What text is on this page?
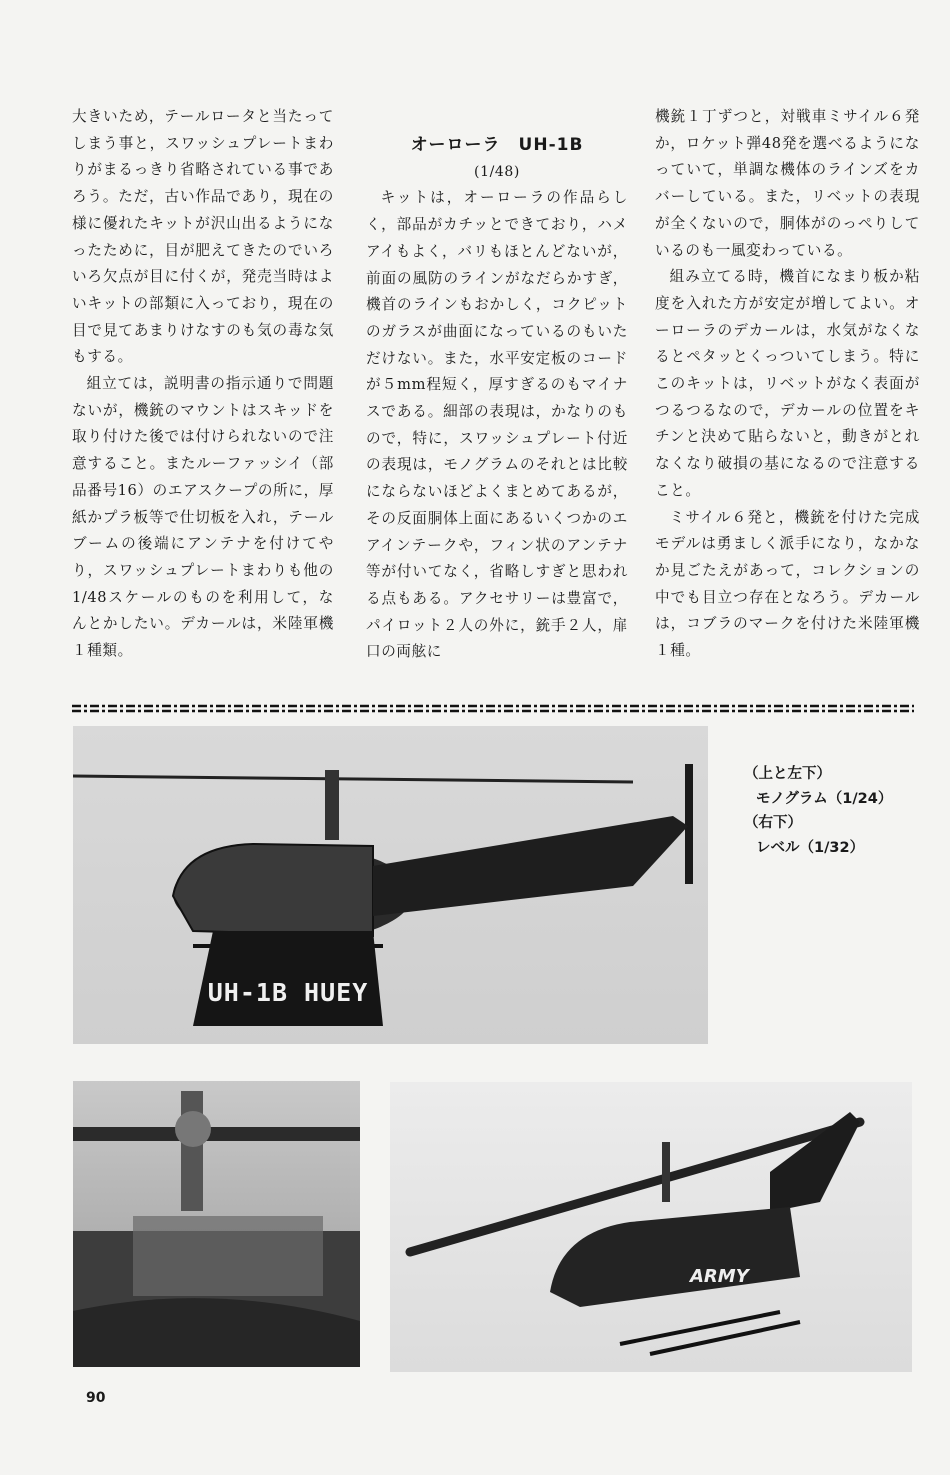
大きいため，テールロータと当たってしまう事と，スワッシュプレートまわりがまるっきり省略されている事であろう。ただ，古い作品であり，現在の様に優れたキットが沢山出るようになったために，目が肥えてきたのでいろいろ欠点が目に付くが，発売当時はよいキットの部類に入っており，現在の目で見てあまりけなすのも気の毒な気もする。

組立ては，説明書の指示通りで問題ないが，機銃のマウントはスキッドを取り付けた後では付けられないので注意すること。またルーファッシイ（部品番号16）のエアスクープの所に，厚紙かプラ板等で仕切板を入れ，テールブームの後端にアンテナを付けてやり，スワッシュプレートまわりも他の1/48スケールのものを利用して，なんとかしたい。デカールは，米陸軍機１種類。

オーローラ　UH-1B

(1/48)

キットは，オーローラの作品らしく，部品がカチッとできており，ハメアイもよく，バリもほとんどないが，前面の風防のラインがなだらかすぎ，機首のラインもおかしく，コクピットのガラスが曲面になっているのもいただけない。また，水平安定板のコードが５mm程短く，厚すぎるのもマイナスである。細部の表現は，かなりのもので，特に，スワッシュプレート付近の表現は，モノグラムのそれとは比較にならないほどよくまとめてあるが，その反面胴体上面にあるいくつかのエアインテークや，フィン状のアンテナ等が付いてなく，省略しすぎと思われる点もある。アクセサリーは豊富で，パイロット２人の外に，銃手２人，扉口の両舷に

機銃１丁ずつと，対戦車ミサイル６発か，ロケット弾48発を選べるようになっていて，単調な機体のラインズをカバーしている。また，リベットの表現が全くないので，胴体がのっぺりしているのも一風変わっている。

組み立てる時，機首になまり板か粘度を入れた方が安定が増してよい。オーローラのデカールは，水気がなくなるとペタッとくっついてしまう。特にこのキットは，リベットがなく表面がつるつるなので，デカールの位置をキチンと決めて貼らないと，動きがとれなくなり破損の基になるので注意すること。

ミサイル６発と，機銃を付けた完成モデルは勇ましく派手になり，なかなか見ごたえがあって，コレクションの中でも目立つ存在となろう。デカールは，コブラのマークを付けた米陸軍機１種。

UH-1B HUEY
（上と左下）
モノグラム（1/24）
（右下）
レベル（1/32）
ARMY
90
